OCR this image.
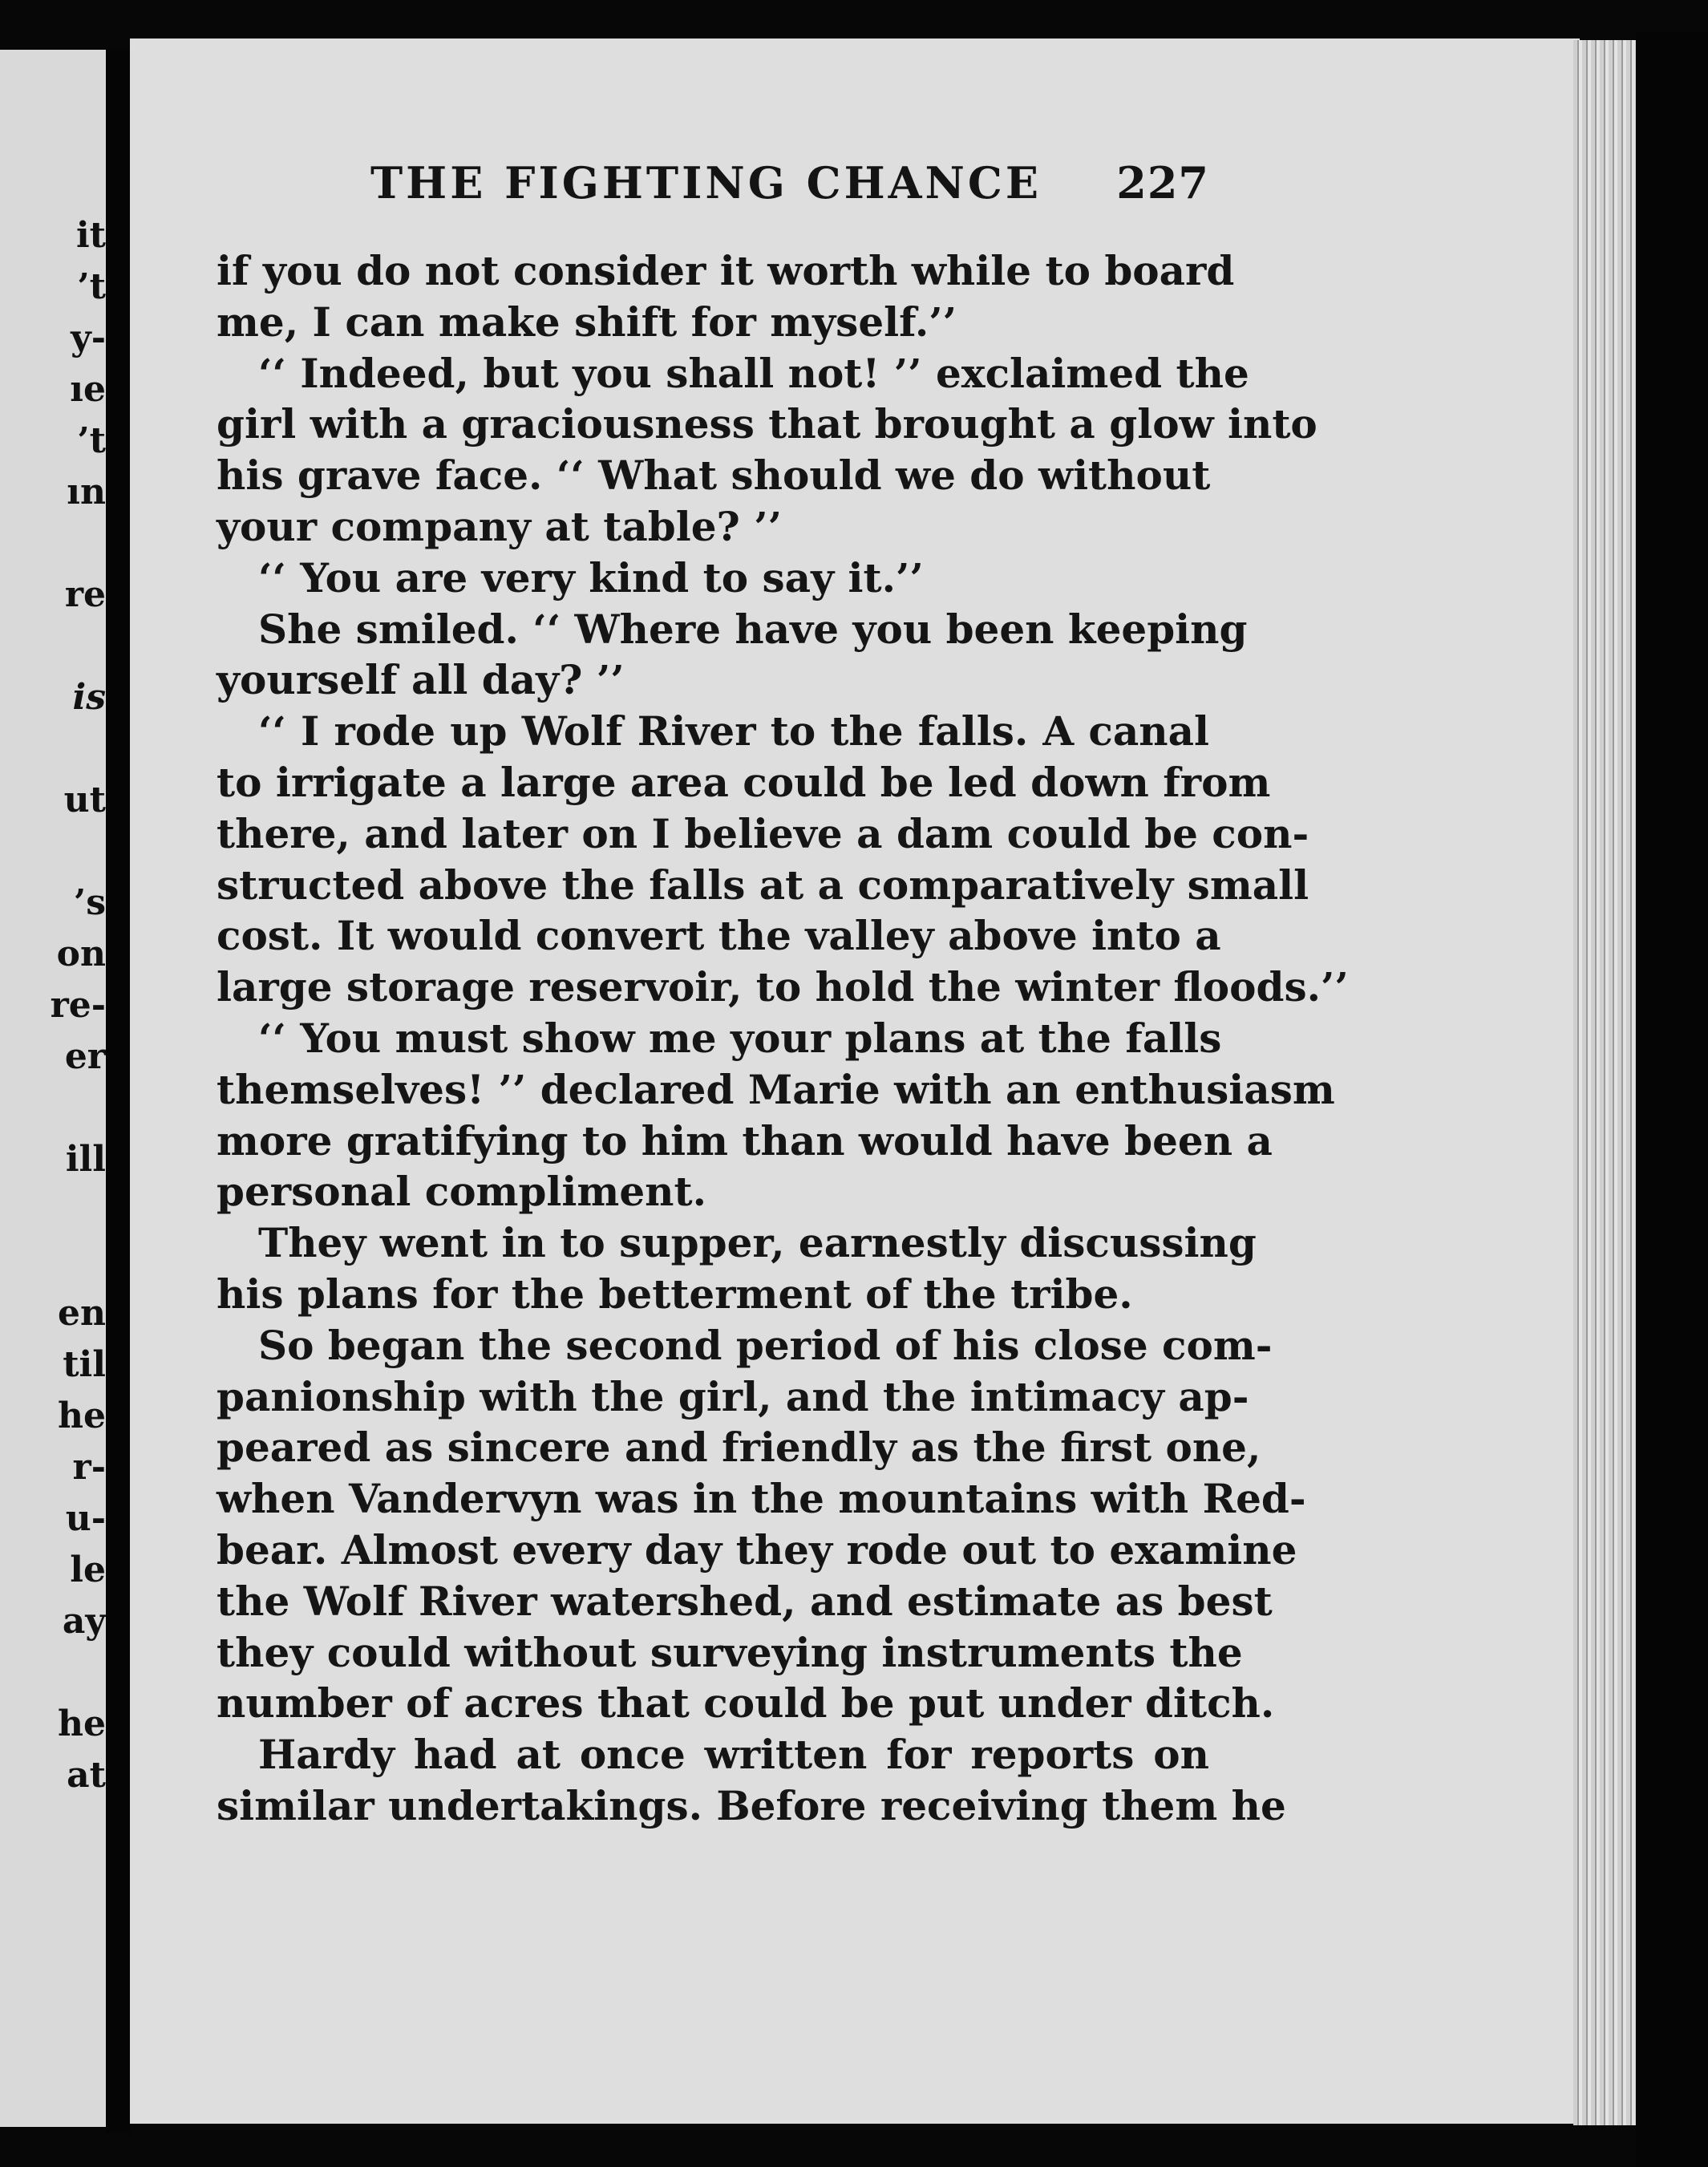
it
’t
y-
ıe
’t
ın
re
is
ut
’s
on
re-
er
ill
en
til
he
r-
u-
le
ay
he
at
THE FIGHTING CHANCE 227
if you do not consider it worth while to board
me, I can make shift for myself.’’
‘‘ Indeed, but you shall not! ’’ exclaimed the
girl with a graciousness that brought a glow into
his grave face. ‘‘ What should we do without
your company at table? ’’
‘‘ You are very kind to say it.’’
She smiled. ‘‘ Where have you been keeping
yourself all day? ’’
‘‘ I rode up Wolf River to the falls. A canal
to irrigate a large area could be led down from
there, and later on I believe a dam could be con-
structed above the falls at a comparatively small
cost. It would convert the valley above into a
large storage reservoir, to hold the winter floods.’’
‘‘ You must show me your plans at the falls
themselves! ’’ declared Marie with an enthusiasm
more gratifying to him than would have been a
personal compliment.
They went in to supper, earnestly discussing
his plans for the betterment of the tribe.
So began the second period of his close com-
panionship with the girl, and the intimacy ap-
peared as sincere and friendly as the first one,
when Vandervyn was in the mountains with Red-
bear. Almost every day they rode out to examine
the Wolf River watershed, and estimate as best
they could without surveying instruments the
number of acres that could be put under ditch.
Hardy had at once written for reports on
similar undertakings. Before receiving them he
